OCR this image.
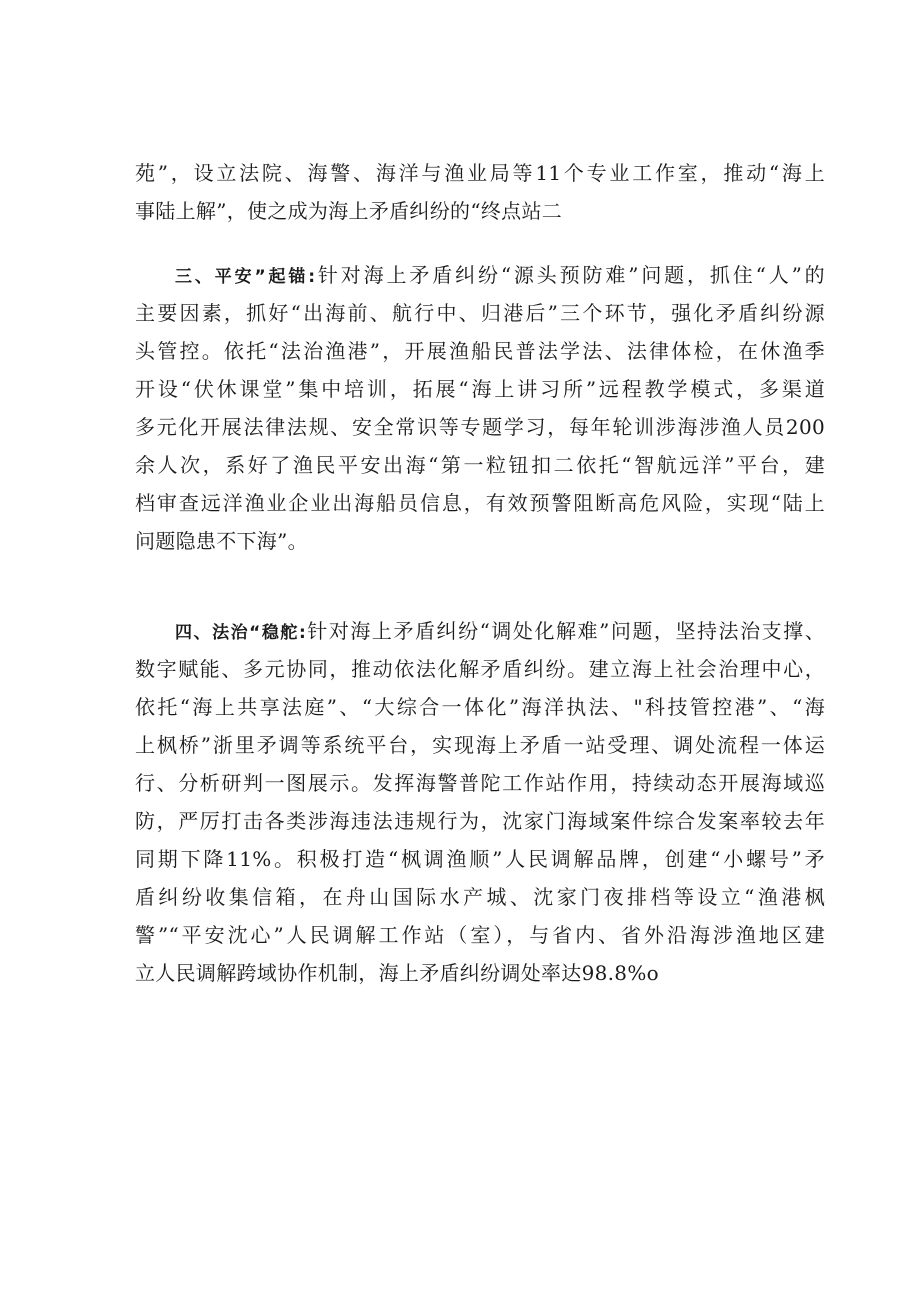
苑”，设立法院、海警、海洋与渔业局等11个专业工作室，推动“海上
事陆上解”，使之成为海上矛盾纠纷的“终点站二
三、平安”起锚:针对海上矛盾纠纷“源头预防难”问题，抓住“人”的
主要因素，抓好“出海前、航行中、归港后”三个环节，强化矛盾纠纷源
头管控。依托“法治渔港”，开展渔船民普法学法、法律体检，在休渔季
开设“伏休课堂”集中培训，拓展“海上讲习所”远程教学模式，多渠道
多元化开展法律法规、安全常识等专题学习，每年轮训涉海涉渔人员200
余人次，系好了渔民平安出海“第一粒钮扣二依托“智航远洋”平台，建
档审查远洋渔业企业出海船员信息，有效预警阻断高危风险，实现“陆上
问题隐患不下海”。
四、法治“稳舵:针对海上矛盾纠纷“调处化解难”问题，坚持法治支撑、
数字赋能、多元协同，推动依法化解矛盾纠纷。建立海上社会治理中心，
依托“海上共享法庭”、“大综合一体化”海洋执法、"科技管控港”、“海
上枫桥”浙里矛调等系统平台，实现海上矛盾一站受理、调处流程一体运
行、分析研判一图展示。发挥海警普陀工作站作用，持续动态开展海域巡
防，严厉打击各类涉海违法违规行为，沈家门海域案件综合发案率较去年
同期下降11%。积极打造“枫调渔顺”人民调解品牌，创建“小螺号”矛
盾纠纷收集信箱，在舟山国际水产城、沈家门夜排档等设立“渔港枫
警”“平安沈心”人民调解工作站（室），与省内、省外沿海涉渔地区建
立人民调解跨域协作机制，海上矛盾纠纷调处率达98.8%o
